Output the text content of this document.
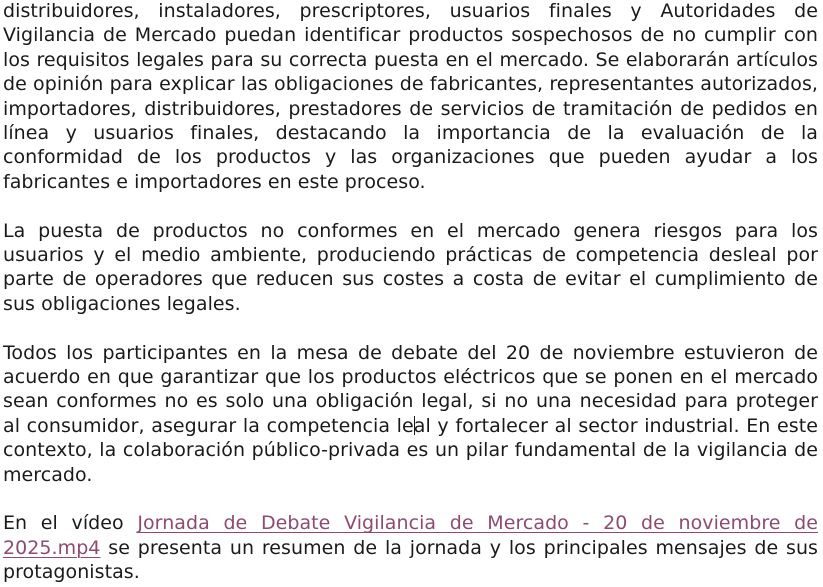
distribuidores, instaladores, prescriptores, usuarios finales y Autoridades de Vigilancia de Mercado puedan identificar productos sospechosos de no cumplir con los requisitos legales para su correcta puesta en el mercado. Se elaborarán artículos de opinión para explicar las obligaciones de fabricantes, representantes autorizados, importadores, distribuidores, prestadores de servicios de tramitación de pedidos en línea y usuarios finales, destacando la importancia de la evaluación de la conformidad de los productos y las organizaciones que pueden ayudar a los fabricantes e importadores en este proceso.

La puesta de productos no conformes en el mercado genera riesgos para los usuarios y el medio ambiente, produciendo prácticas de competencia desleal por parte de operadores que reducen sus costes a costa de evitar el cumplimiento de sus obligaciones legales.

Todos los participantes en la mesa de debate del 20 de noviembre estuvieron de acuerdo en que garantizar que los productos eléctricos que se ponen en el mercado sean conformes no es solo una obligación legal, si no una necesidad para proteger al consumidor, asegurar la competencia leal y fortalecer al sector industrial. En este contexto, la colaboración público-privada es un pilar fundamental de la vigilancia de mercado.

En el vídeo Jornada de Debate Vigilancia de Mercado - 20 de noviembre de 2025.mp4 se presenta un resumen de la jornada y los principales mensajes de sus protagonistas.
